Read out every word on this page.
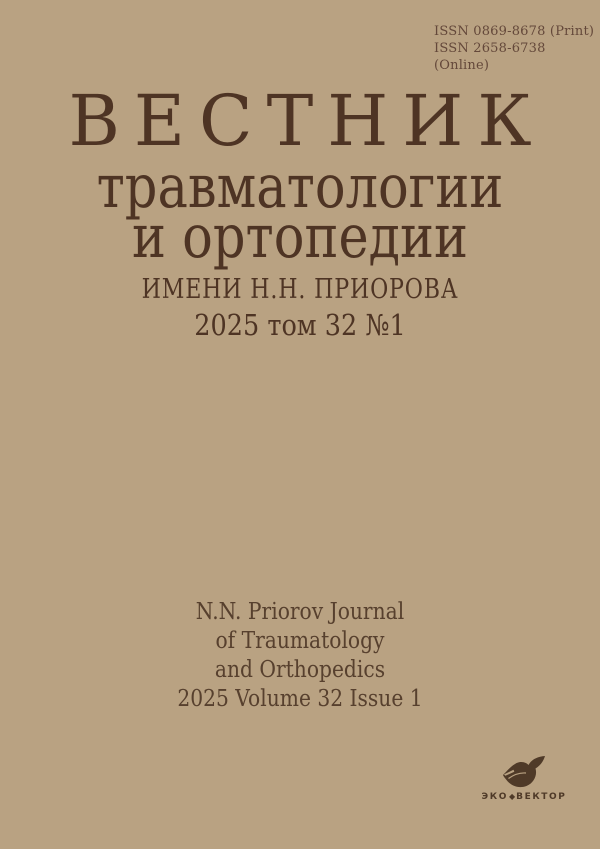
ISSN 0869-8678 (Print)
ISSN 2658-6738 (Online)
ВЕСТНИК
травматологии
и ортопедии
ИМЕНИ Н.Н. ПРИОРОВА
2025 том 32 №1
N.N. Priorov Journal
of Traumatology
and Orthopedics
2025 Volume 32 Issue 1
ЭКО◆ВЕКТОР
